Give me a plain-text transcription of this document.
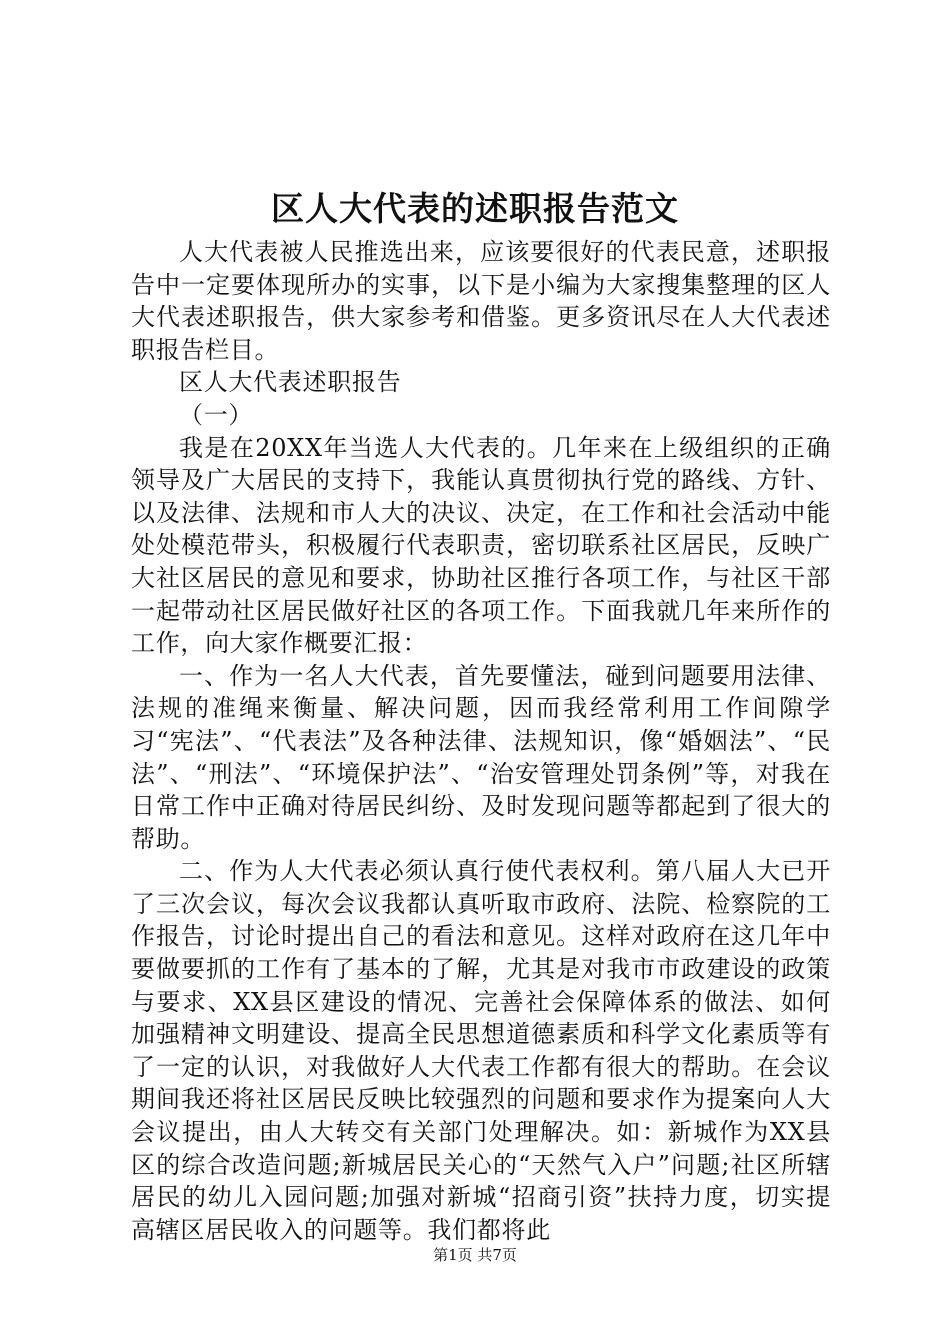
区人大代表的述职报告范文

人大代表被人民推选出来，应该要很好的代表民意，述职报告中一定要体现所办的实事，以下是小编为大家搜集整理的区人大代表述职报告，供大家参考和借鉴。更多资讯尽在人大代表述职报告栏目。

区人大代表述职报告

（一）

我是在20XX年当选人大代表的。几年来在上级组织的正确领导及广大居民的支持下，我能认真贯彻执行党的路线、方针、以及法律、法规和市人大的决议、决定，在工作和社会活动中能处处模范带头，积极履行代表职责，密切联系社区居民，反映广大社区居民的意见和要求，协助社区推行各项工作，与社区干部一起带动社区居民做好社区的各项工作。下面我就几年来所作的工作，向大家作概要汇报：

一、作为一名人大代表，首先要懂法，碰到问题要用法律、法规的准绳来衡量、解决问题，因而我经常利用工作间隙学习“宪法”、“代表法”及各种法律、法规知识，像“婚姻法”、“民法”、“刑法”、“环境保护法”、“治安管理处罚条例”等，对我在日常工作中正确对待居民纠纷、及时发现问题等都起到了很大的帮助。

二、作为人大代表必须认真行使代表权利。第八届人大已开了三次会议，每次会议我都认真听取市政府、法院、检察院的工作报告，讨论时提出自己的看法和意见。这样对政府在这几年中要做要抓的工作有了基本的了解，尤其是对我市市政建设的政策与要求、XX县区建设的情况、完善社会保障体系的做法、如何加强精神文明建设、提高全民思想道德素质和科学文化素质等有了一定的认识，对我做好人大代表工作都有很大的帮助。在会议期间我还将社区居民反映比较强烈的问题和要求作为提案向人大会议提出，由人大转交有关部门处理解决。如：新城作为XX县区的综合改造问题;新城居民关心的“天然气入户”问题;社区所辖居民的幼儿入园问题;加强对新城“招商引资”扶持力度，切实提高辖区居民收入的问题等。我们都将此

第1页 共7页
